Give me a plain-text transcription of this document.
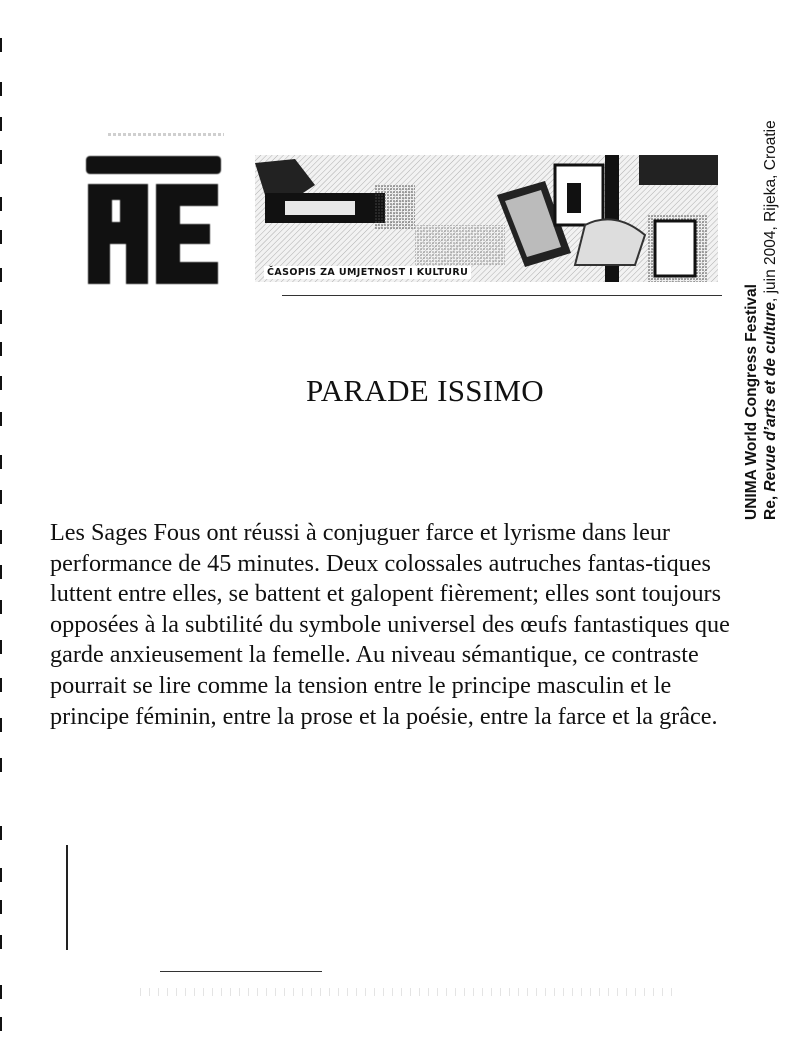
ČASOPIS ZA UMJETNOST I KULTURU
PARADE ISSIMO	UNIMA World Congress Festival Re, Revue d’arts et de culture, juin 2004, Rijeka, Croatie

Les Sages Fous ont réussi à conjuguer farce et lyrisme dans leur performance de 45 minutes. Deux colossales autruches fantas-tiques luttent entre elles, se battent et galopent fièrement; elles sont toujours opposées à la subtilité du symbole universel des œufs fantastiques que garde anxieusement la femelle. Au niveau sémantique, ce contraste pourrait se lire comme la tension entre le principe masculin et le principe féminin, entre la prose et la poésie, entre la farce et la grâce.
